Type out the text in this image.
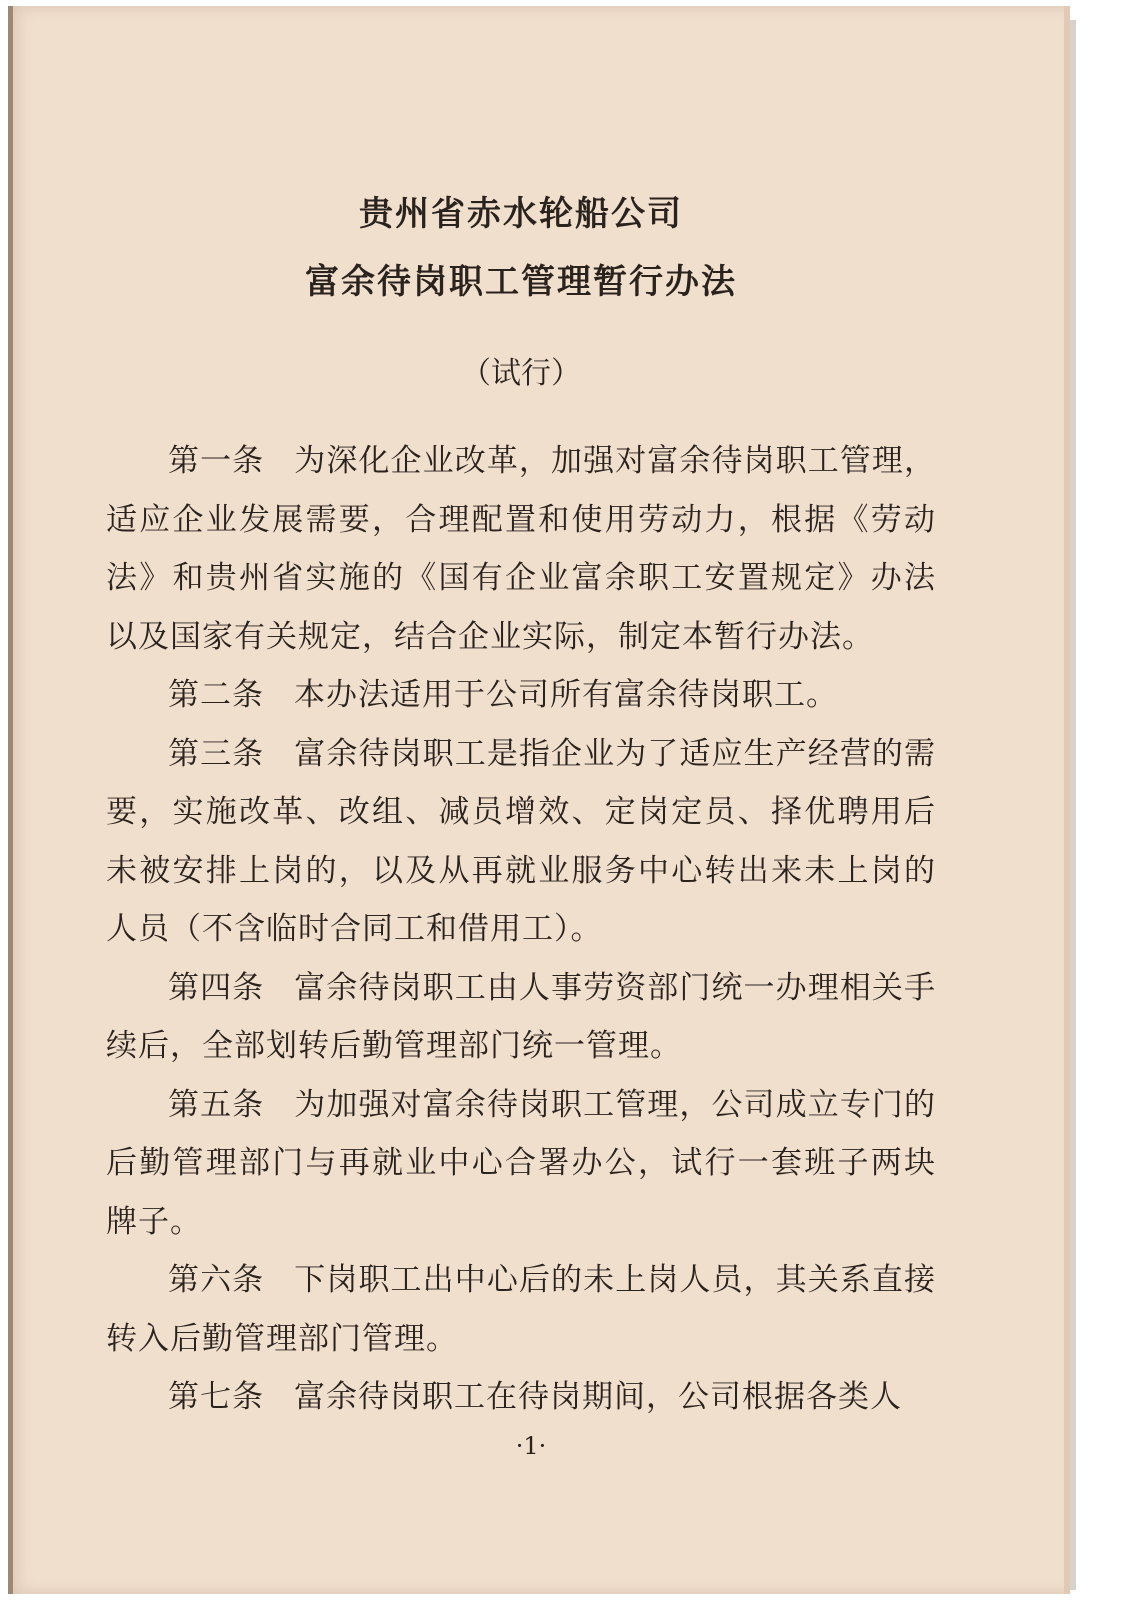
贵州省赤水轮船公司
富余待岗职工管理暂行办法
（试行）

第一条 为深化企业改革，加强对富余待岗职工管理，适应企业发展需要，合理配置和使用劳动力，根据《劳动法》和贵州省实施的《国有企业富余职工安置规定》办法以及国家有关规定，结合企业实际，制定本暂行办法。

第二条 本办法适用于公司所有富余待岗职工。

第三条 富余待岗职工是指企业为了适应生产经营的需要，实施改革、改组、减员增效、定岗定员、择优聘用后未被安排上岗的，以及从再就业服务中心转出来未上岗的人员（不含临时合同工和借用工）。

第四条 富余待岗职工由人事劳资部门统一办理相关手续后，全部划转后勤管理部门统一管理。

第五条 为加强对富余待岗职工管理，公司成立专门的后勤管理部门与再就业中心合署办公，试行一套班子两块牌子。

第六条 下岗职工出中心后的未上岗人员，其关系直接转入后勤管理部门管理。

第七条 富余待岗职工在待岗期间，公司根据各类人

·1·
